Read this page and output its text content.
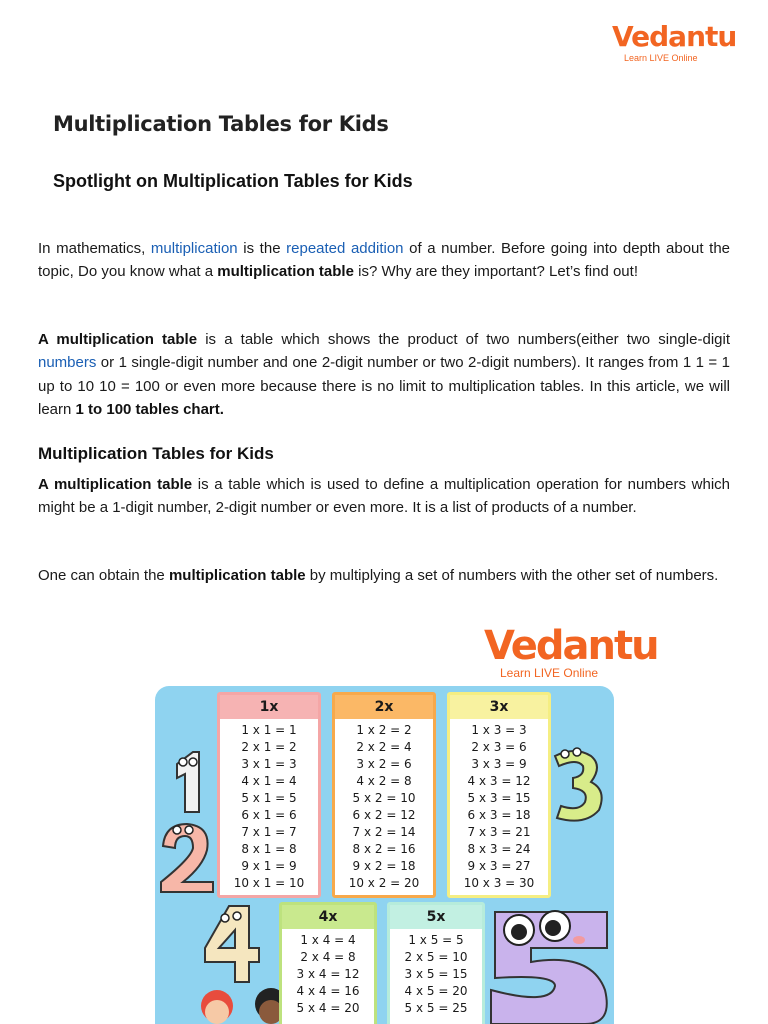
Vedantu
Learn LIVE Online
Multiplication Tables for Kids
Spotlight on Multiplication Tables for Kids
In mathematics, multiplication is the repeated addition of a number. Before going into depth about the topic, Do you know what a multiplication table is? Why are they important? Let’s find out!
A multiplication table is a table which shows the product of two numbers(either two single-digit numbers or 1 single-digit number and one 2-digit number or two 2-digit numbers). It ranges from 1 1 = 1 up to 10 10 = 100 or even more because there is no limit to multiplication tables. In this article, we will learn 1 to 100 tables chart.
Multiplication Tables for Kids
A multiplication table is a table which is used to define a multiplication operation for numbers which might be a 1-digit number, 2-digit number or even more. It is a list of products of a number.
One can obtain the multiplication table by multiplying a set of numbers with the other set of numbers.
Vedantu
Learn LIVE Online
1x
1 x 1 = 1
2 x 1 = 2
3 x 1 = 3
4 x 1 = 4
5 x 1 = 5
6 x 1 = 6
7 x 1 = 7
8 x 1 = 8
9 x 1 = 9
10 x 1 = 10
2x
1 x 2 = 2
2 x 2 = 4
3 x 2 = 6
4 x 2 = 8
5 x 2 = 10
6 x 2 = 12
7 x 2 = 14
8 x 2 = 16
9 x 2 = 18
10 x 2 = 20
3x
1 x 3 = 3
2 x 3 = 6
3 x 3 = 9
4 x 3 = 12
5 x 3 = 15
6 x 3 = 18
7 x 3 = 21
8 x 3 = 24
9 x 3 = 27
10 x 3 = 30
4x
1 x 4 = 4
2 x 4 = 8
3 x 4 = 12
4 x 4 = 16
5 x 4 = 20
5x
1 x 5 = 5
2 x 5 = 10
3 x 5 = 15
4 x 5 = 20
5 x 5 = 25
